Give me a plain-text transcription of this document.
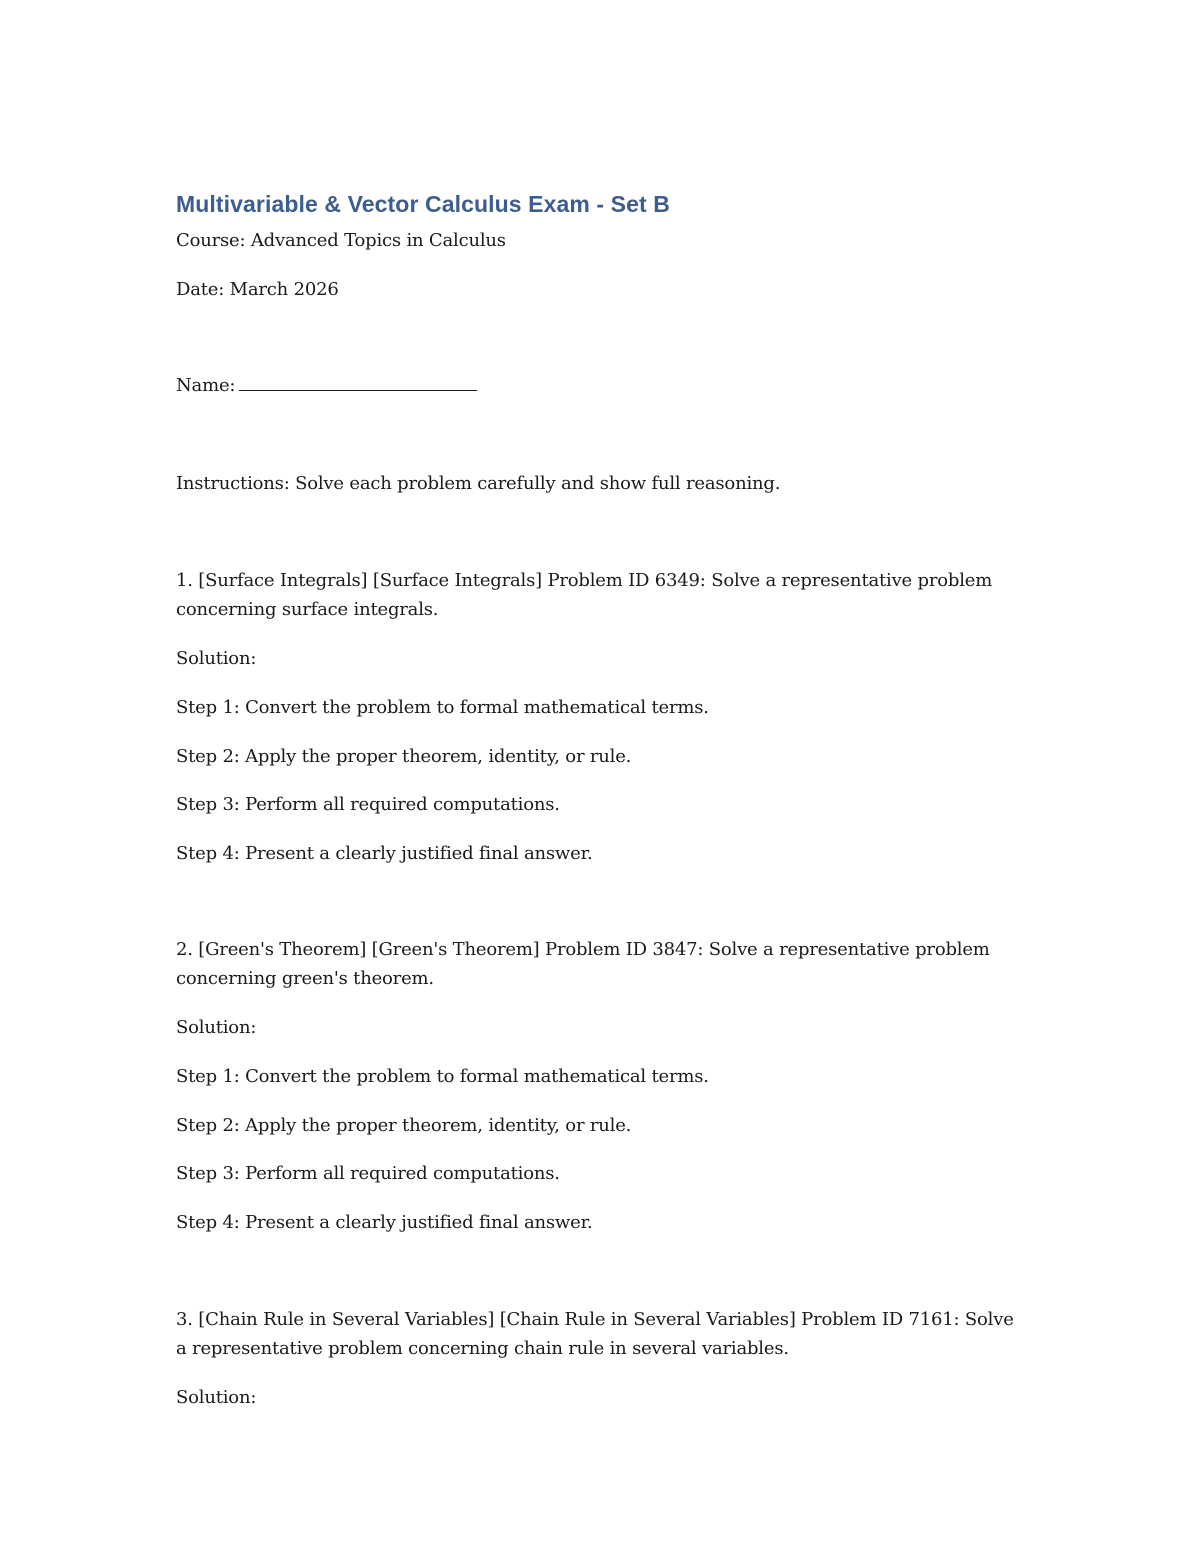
Multivariable & Vector Calculus Exam - Set B

Course: Advanced Topics in Calculus

Date: March 2026

Name:

Instructions: Solve each problem carefully and show full reasoning.

1. [Surface Integrals] [Surface Integrals] Problem ID 6349: Solve a representative problem concerning surface integrals.

Solution:

Step 1: Convert the problem to formal mathematical terms.

Step 2: Apply the proper theorem, identity, or rule.

Step 3: Perform all required computations.

Step 4: Present a clearly justified final answer.

2. [Green's Theorem] [Green's Theorem] Problem ID 3847: Solve a representative problem concerning green's theorem.

Solution:

Step 1: Convert the problem to formal mathematical terms.

Step 2: Apply the proper theorem, identity, or rule.

Step 3: Perform all required computations.

Step 4: Present a clearly justified final answer.

3. [Chain Rule in Several Variables] [Chain Rule in Several Variables] Problem ID 7161: Solve a representative problem concerning chain rule in several variables.

Solution:
